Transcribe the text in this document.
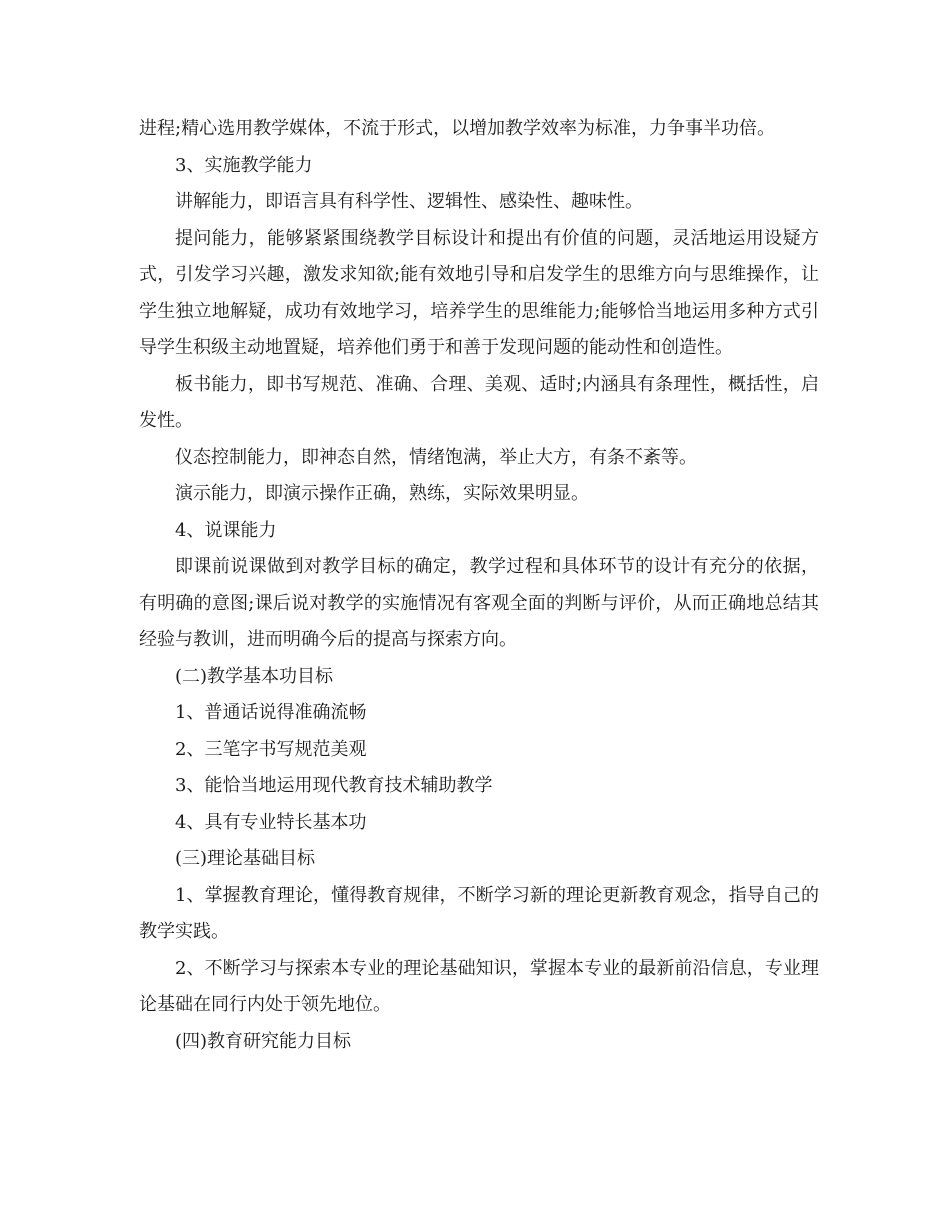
进程;精心选用教学媒体，不流于形式，以增加教学效率为标准，力争事半功倍。

3、实施教学能力

讲解能力，即语言具有科学性、逻辑性、感染性、趣味性。

提问能力，能够紧紧围绕教学目标设计和提出有价值的问题，灵活地运用设疑方式，引发学习兴趣，激发求知欲;能有效地引导和启发学生的思维方向与思维操作，让学生独立地解疑，成功有效地学习，培养学生的思维能力;能够恰当地运用多种方式引导学生积级主动地置疑，培养他们勇于和善于发现问题的能动性和创造性。

板书能力，即书写规范、准确、合理、美观、适时;内涵具有条理性，概括性，启发性。

仪态控制能力，即神态自然，情绪饱满，举止大方，有条不紊等。

演示能力，即演示操作正确，熟练，实际效果明显。

4、说课能力

即课前说课做到对教学目标的确定，教学过程和具体环节的设计有充分的依据，有明确的意图;课后说对教学的实施情况有客观全面的判断与评价，从而正确地总结其经验与教训，进而明确今后的提高与探索方向。

(二)教学基本功目标

1、普通话说得准确流畅

2、三笔字书写规范美观

3、能恰当地运用现代教育技术辅助教学

4、具有专业特长基本功

(三)理论基础目标

1、掌握教育理论，懂得教育规律，不断学习新的理论更新教育观念，指导自己的教学实践。

2、不断学习与探索本专业的理论基础知识，掌握本专业的最新前沿信息，专业理论基础在同行内处于领先地位。

(四)教育研究能力目标
